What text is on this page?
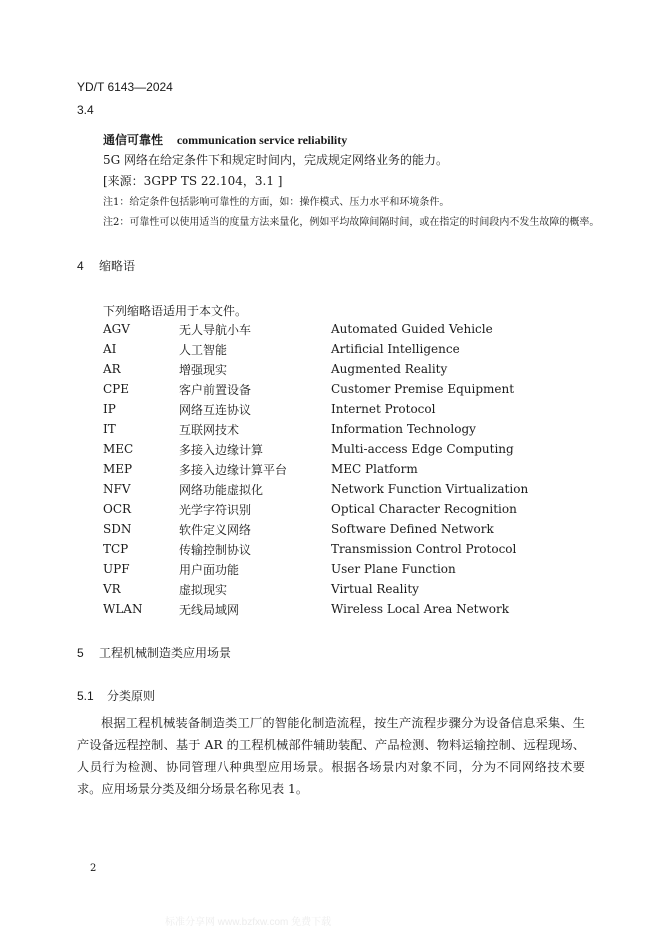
YD/T 6143—2024
3.4
通信可靠性 communication service reliability
5G 网络在给定条件下和规定时间内，完成规定网络业务的能力。
[来源：3GPP TS 22.104，3.1 ]
注1：给定条件包括影响可靠性的方面，如：操作模式、压力水平和环境条件。
注2：可靠性可以使用适当的度量方法来量化，例如平均故障间隔时间，或在指定的时间段内不发生故障的概率。
4 缩略语
下列缩略语适用于本文件。
AGV	无人导航小车	Automated Guided Vehicle
AI	人工智能	Artificial Intelligence
AR	增强现实	Augmented Reality
CPE	客户前置设备	Customer Premise Equipment
IP	网络互连协议	Internet Protocol
IT	互联网技术	Information Technology
MEC	多接入边缘计算	Multi-access Edge Computing
MEP	多接入边缘计算平台	MEC Platform
NFV	网络功能虚拟化	Network Function Virtualization
OCR	光学字符识别	Optical Character Recognition
SDN	软件定义网络	Software Defined Network
TCP	传输控制协议	Transmission Control Protocol
UPF	用户面功能	User Plane Function
VR	虚拟现实	Virtual Reality
WLAN	无线局域网	Wireless Local Area Network
5 工程机械制造类应用场景
5.1 分类原则
根据工程机械装备制造类工厂的智能化制造流程，按生产流程步骤分为设备信息采集、生产设备远程控制、基于 AR 的工程机械部件辅助装配、产品检测、物料运输控制、远程现场、人员行为检测、协同管理八种典型应用场景。根据各场景内对象不同，分为不同网络技术要求。应用场景分类及细分场景名称见表 1。
2
标准分享网 www.bzfxw.com 免费下载
